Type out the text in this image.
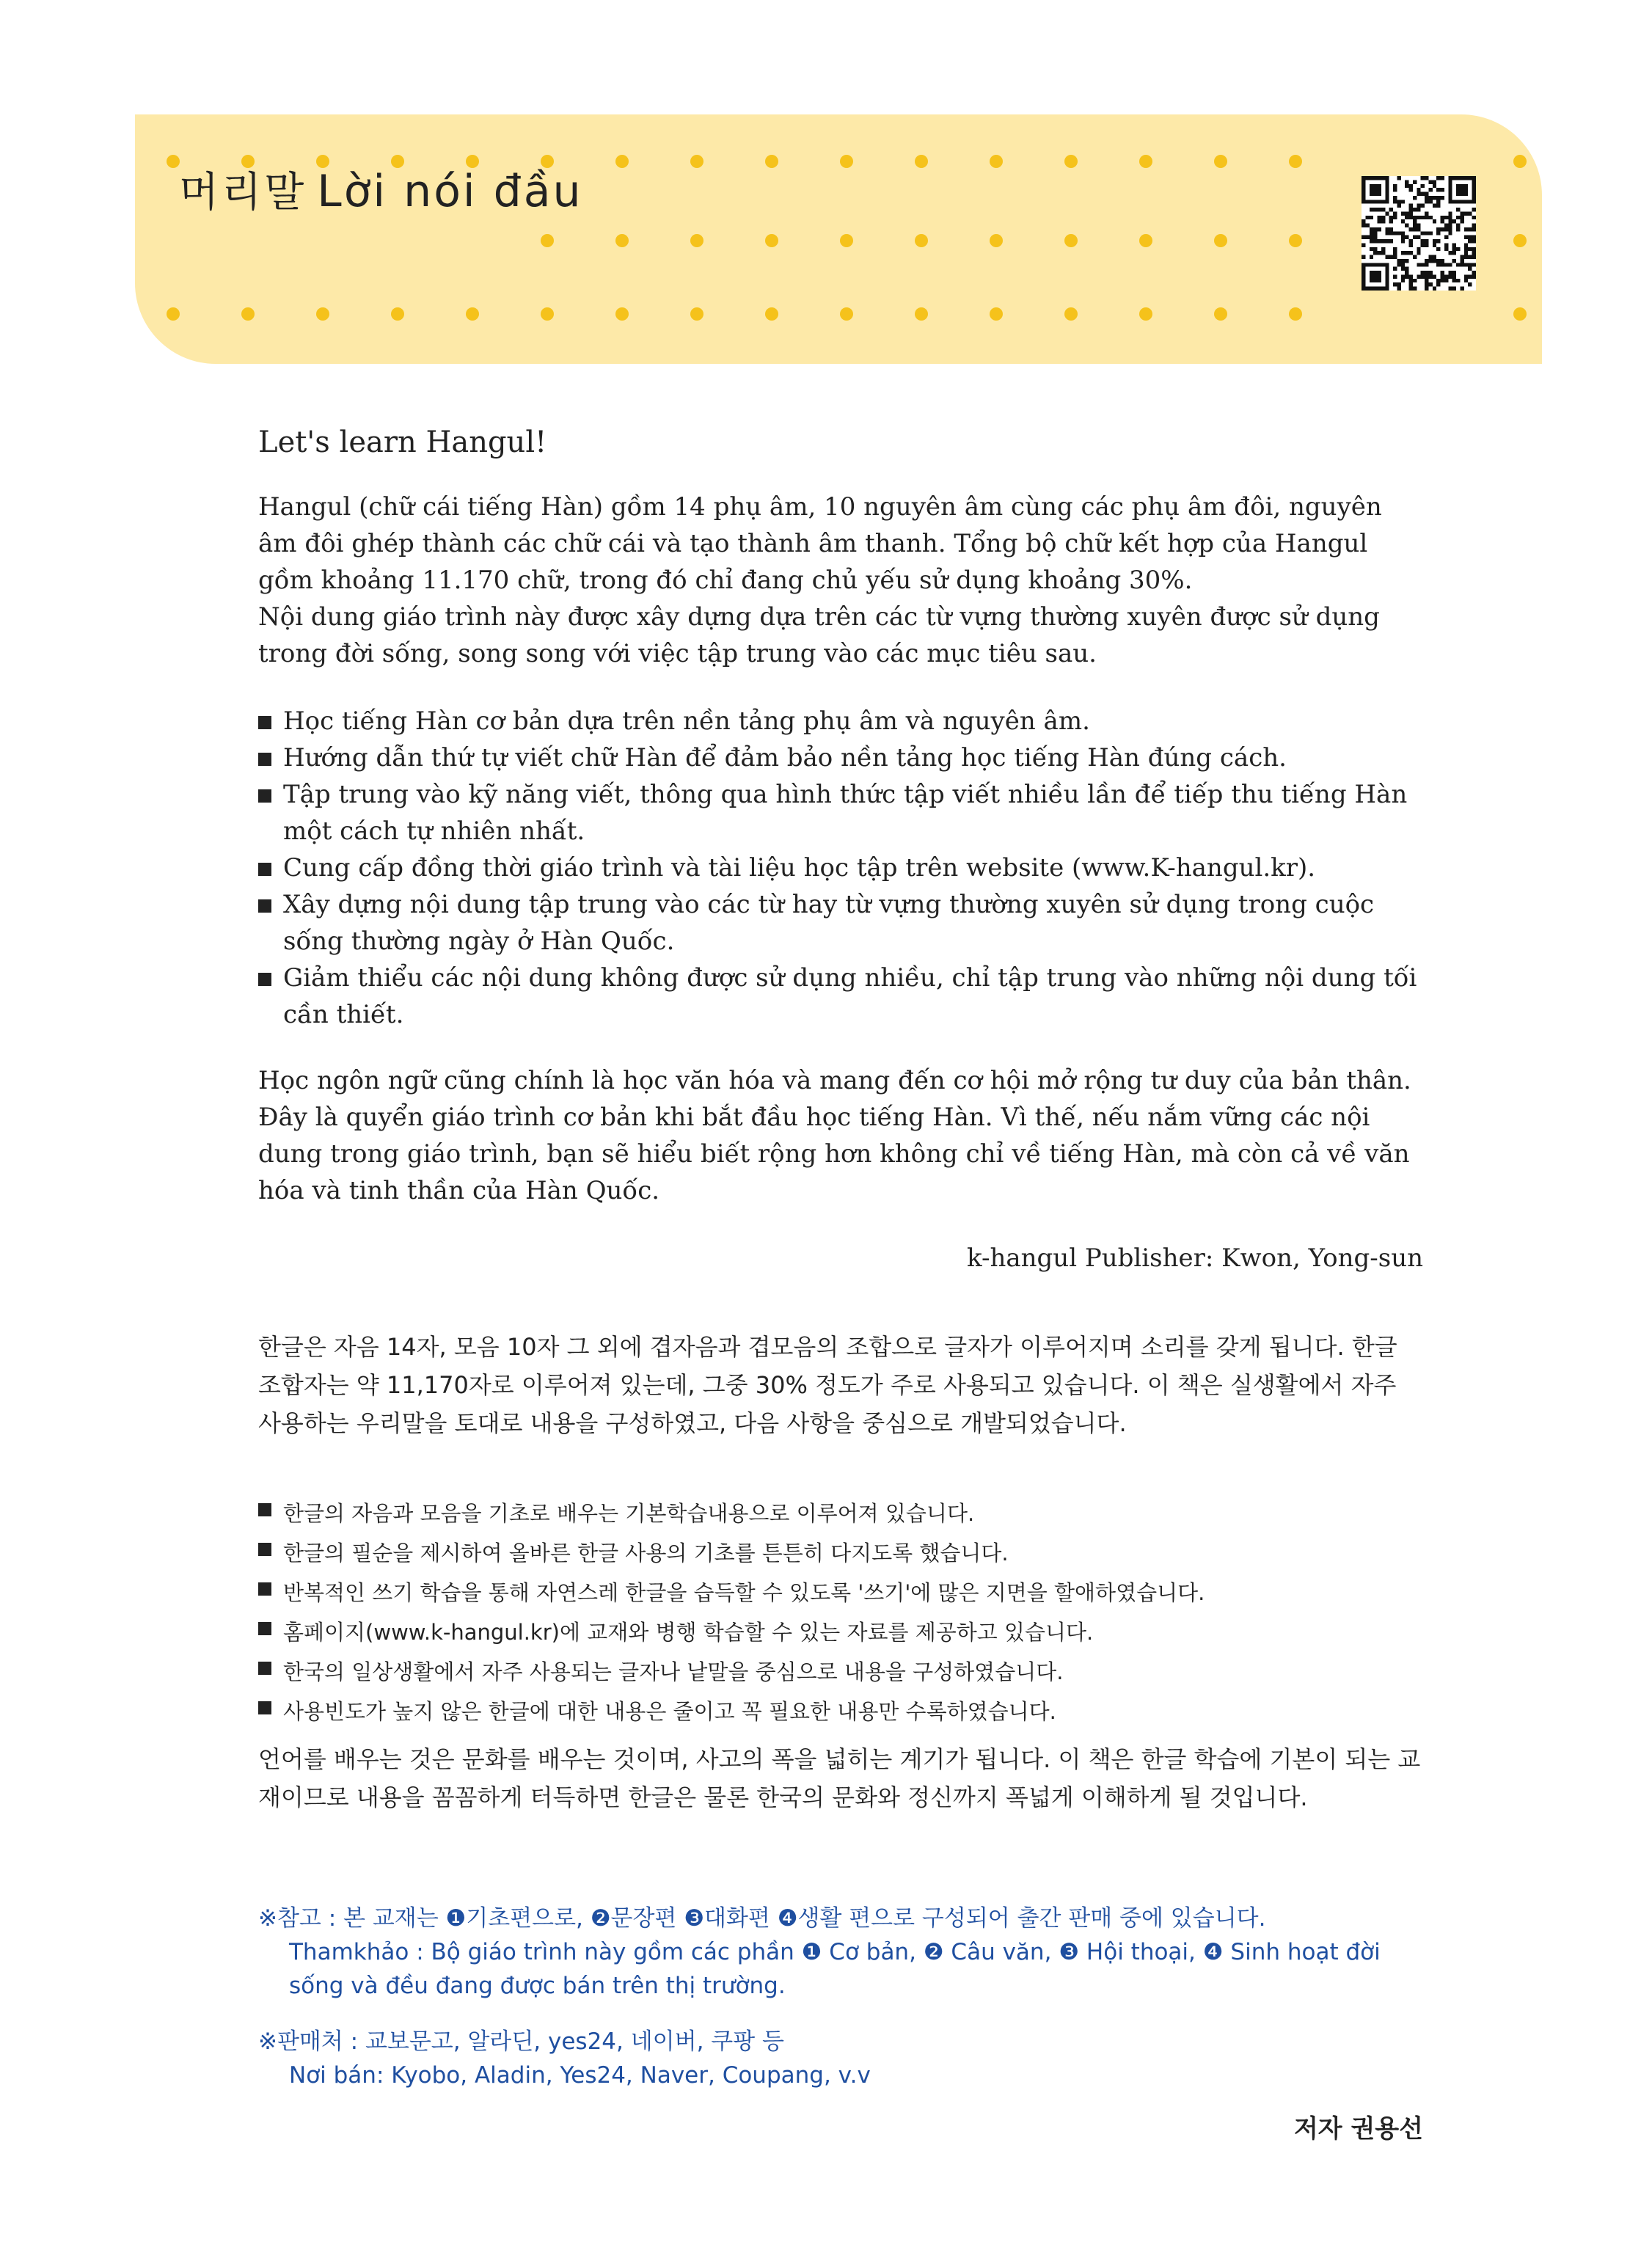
머리말 Lời nói đầu
Let's learn Hangul!

Hangul (chữ cái tiếng Hàn) gồm 14 phụ âm, 10 nguyên âm cùng các phụ âm đôi, nguyên âm đôi ghép thành các chữ cái và tạo thành âm thanh. Tổng bộ chữ kết hợp của Hangul gồm khoảng 11.170 chữ, trong đó chỉ đang chủ yếu sử dụng khoảng 30%.

Nội dung giáo trình này được xây dựng dựa trên các từ vựng thường xuyên được sử dụng trong đời sống, song song với việc tập trung vào các mục tiêu sau.

Học tiếng Hàn cơ bản dựa trên nền tảng phụ âm và nguyên âm.
Hướng dẫn thứ tự viết chữ Hàn để đảm bảo nền tảng học tiếng Hàn đúng cách.
Tập trung vào kỹ năng viết, thông qua hình thức tập viết nhiều lần để tiếp thu tiếng Hàn một cách tự nhiên nhất.
Cung cấp đồng thời giáo trình và tài liệu học tập trên website (www.K-hangul.kr).
Xây dựng nội dung tập trung vào các từ hay từ vựng thường xuyên sử dụng trong cuộc sống thường ngày ở Hàn Quốc.
Giảm thiểu các nội dung không được sử dụng nhiều, chỉ tập trung vào những nội dung tối cần thiết.

Học ngôn ngữ cũng chính là học văn hóa và mang đến cơ hội mở rộng tư duy của bản thân. Đây là quyển giáo trình cơ bản khi bắt đầu học tiếng Hàn. Vì thế, nếu nắm vững các nội dung trong giáo trình, bạn sẽ hiểu biết rộng hơn không chỉ về tiếng Hàn, mà còn cả về văn hóa và tinh thần của Hàn Quốc.

k-hangul Publisher: Kwon, Yong-sun

한글은 자음 14자, 모음 10자 그 외에 겹자음과 겹모음의 조합으로 글자가 이루어지며 소리를 갖게 됩니다. 한글 조합자는 약 11,170자로 이루어져 있는데, 그중 30% 정도가 주로 사용되고 있습니다. 이 책은 실생활에서 자주 사용하는 우리말을 토대로 내용을 구성하였고, 다음 사항을 중심으로 개발되었습니다.

한글의 자음과 모음을 기초로 배우는 기본학습내용으로 이루어져 있습니다.
한글의 필순을 제시하여 올바른 한글 사용의 기초를 튼튼히 다지도록 했습니다.
반복적인 쓰기 학습을 통해 자연스레 한글을 습득할 수 있도록 '쓰기'에 많은 지면을 할애하였습니다.
홈페이지(www.k-hangul.kr)에 교재와 병행 학습할 수 있는 자료를 제공하고 있습니다.
한국의 일상생활에서 자주 사용되는 글자나 낱말을 중심으로 내용을 구성하였습니다.
사용빈도가 높지 않은 한글에 대한 내용은 줄이고 꼭 필요한 내용만 수록하였습니다.

언어를 배우는 것은 문화를 배우는 것이며, 사고의 폭을 넓히는 계기가 됩니다. 이 책은 한글 학습에 기본이 되는 교재이므로 내용을 꼼꼼하게 터득하면 한글은 물론 한국의 문화와 정신까지 폭넓게 이해하게 될 것입니다.

※참고 : 본 교재는 ❶기초편으로, ❷문장편 ❸대화편 ❹생활 편으로 구성되어 출간 판매 중에 있습니다.
Thamkhảo : Bộ giáo trình này gồm các phần ❶ Cơ bản, ❷ Câu văn, ❸ Hội thoại, ❹ Sinh hoạt đời sống và đều đang được bán trên thị trường.
※판매처 : 교보문고, 알라딘, yes24, 네이버, 쿠팡 등
Nơi bán: Kyobo, Aladin, Yes24, Naver, Coupang, v.v
저자 권용선
